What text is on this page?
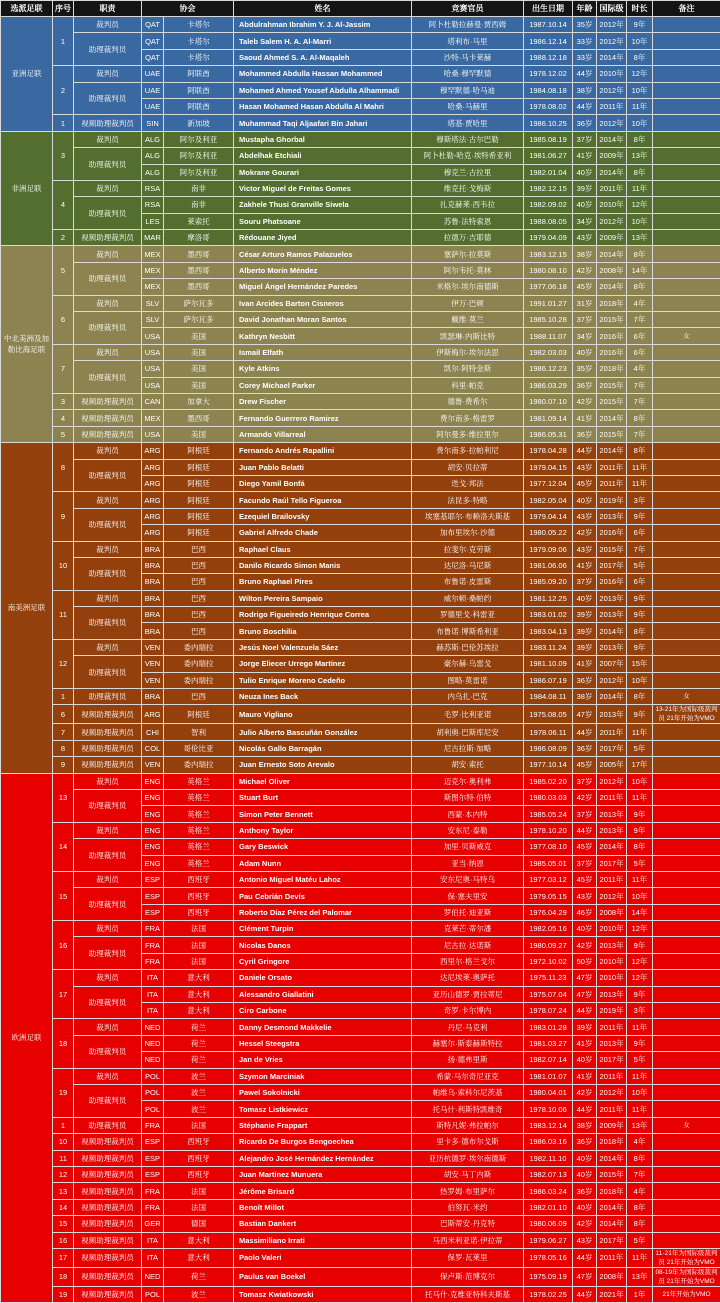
选派足联	序号	职责	协会		姓名	竞赛官员	出生日期	年龄	国际级	时长	备注
亚洲足联	1	裁判员	QAT	卡塔尔	Abdulrahman Ibrahim Y. J. Al-Jassim	阿卜杜勒拉赫曼·贾西姆	1987.10.14	35岁	2012年	9年	
		助理裁判员	QAT	卡塔尔	Taleb Salem H. A. Al-Marri	塔利布·马里	1986.12.14	33岁	2012年	10年	
			QAT	卡塔尔	Saoud Ahmed S. A. Al-Maqaleh	沙特·马卡莱赫	1988.12.18	33岁	2014年	8年	
	2	裁判员	UAE	阿联酋	Mohammed Abdulla Hassan Mohammed	哈桑·穆罕默德	1978.12.02	44岁	2010年	12年	
		助理裁判员	UAE	阿联酋	Mohamed Ahmed Yousef Abdulla Alhammadi	穆罕默德·哈马迪	1984.08.18	38岁	2012年	10年	
			UAE	阿联酋	Hasan Mohamed Hasan Abdulla Al Mahri	哈桑·马赫里	1978.08.02	44岁	2011年	11年	
	1	视频助理裁判员	SIN	新加坡	Muhammad Taqi Aljaafari Bin Jahari	塔基·贾哈里	1986.10.25	36岁	2012年	10年	
非洲足联	3	裁判员	ALG	阿尔及利亚	Mustapha Ghorbal	穆斯塔法·古尔巴勒	1985.08.19	37岁	2014年	8年	
		助理裁判员	ALG	阿尔及利亚	Abdelhak Etchiali	阿卜杜勒-哈克·埃特希亚利	1981.06.27	41岁	2009年	13年	
			ALG	阿尔及利亚	Mokrane Gourari	穆克兰·古拉里	1982.01.04	40岁	2014年	8年	
	4	裁判员	RSA	南非	Victor Miguel de Freitas Gomes	维克托·戈梅斯	1982.12.15	39岁	2011年	11年	
		助理裁判员	RSA	南非	Zakhele Thusi Granville Siwela	扎克赫莱·西韦拉	1982.09.02	40岁	2010年	12年	
			LES	莱索托	Souru Phatsoane	苏鲁·法特索恩	1988.08.05	34岁	2012年	10年	
	2	视频助理裁判员	MAR	摩洛哥	Rédouane Jiyed	拉德万·吉耶德	1979.04.09	43岁	2009年	13年	
中北美洲及加勒比海足联	5	裁判员	MEX	墨西哥	César Arturo Ramos Palazuelos	塞萨尔·拉莫斯	1983.12.15	38岁	2014年	8年	
		助理裁判员	MEX	墨西哥	Alberto Morín Méndez	阿尔韦托·莫林	1980.08.10	42岁	2008年	14年	
			MEX	墨西哥	Miguel Ángel Hernández Paredes	米格尔·埃尔南德斯	1977.06.18	45岁	2014年	8年	
	6	裁判员	SLV	萨尔瓦多	Ivan Arcides Barton Cisneros	伊万·巴顿	1991.01.27	31岁	2018年	4年	
		助理裁判员	SLV	萨尔瓦多	David Jonathan Moran Santos	戴维·莫兰	1985.10.28	37岁	2015年	7年	
			USA	美国	Kathryn Nesbitt	凯瑟琳·内斯比特	1988.11.07	34岁	2016年	6年	女
	7	裁判员	USA	美国	Ismail Elfath	伊斯梅尔·埃尔法思	1982.03.03	40岁	2016年	6年	
		助理裁判员	USA	美国	Kyle Atkins	凯尔·阿特金斯	1986.12.23	35岁	2018年	4年	
			USA	美国	Corey Michael Parker	科里·帕克	1986.03.29	36岁	2015年	7年	
	3	视频助理裁判员	CAN	加拿大	Drew Fischer	德鲁·费希尔	1980.07.10	42岁	2015年	7年	
	4	视频助理裁判员	MEX	墨西哥	Fernando Guerrero Ramirez	费尔南多·格雷罗	1981.09.14	41岁	2014年	8年	
	5	视频助理裁判员	USA	美国	Armando Villarreal	阿尔曼多·维拉里尔	1986.05.31	36岁	2015年	7年	
南美洲足联	8	裁判员	ARG	阿根廷	Fernando Andrés Rapallini	费尔南多·拉帕利尼	1978.04.28	44岁	2014年	8年	
		助理裁判员	ARG	阿根廷	Juan Pablo Belatti	胡安·贝拉蒂	1979.04.15	43岁	2011年	11年	
			ARG	阿根廷	Diego Yamil Bonfá	迭戈·邦法	1977.12.04	45岁	2011年	11年	
	9	裁判员	ARG	阿根廷	Facundo Raúl Tello Figueroa	法昆多·特略	1982.05.04	40岁	2019年	3年	
		助理裁判员	ARG	阿根廷	Ezequiel Brailovsky	埃塞基耶尔·布赖洛夫斯基	1979.04.14	43岁	2013年	9年	
			ARG	阿根廷	Gabriel Alfredo Chade	加布里埃尔·沙德	1980.05.22	42岁	2016年	6年	
	10	裁判员	BRA	巴西	Raphael Claus	拉斐尔·克劳斯	1979.09.06	43岁	2015年	7年	
		助理裁判员	BRA	巴西	Danilo Ricardo Simon Manis	达尼洛·马尼斯	1981.06.06	41岁	2017年	5年	
			BRA	巴西	Bruno Raphael Pires	布鲁诺·皮雷斯	1985.09.20	37岁	2016年	6年	
	11	裁判员	BRA	巴西	Wilton Pereira Sampaio	威尔顿·桑帕约	1981.12.25	40岁	2013年	9年	
		助理裁判员	BRA	巴西	Rodrigo Figueiredo Henrique Correa	罗德里戈·科雷亚	1983.01.02	39岁	2013年	9年	
			BRA	巴西	Bruno Boschilia	布鲁诺·博斯希利亚	1983.04.13	39岁	2014年	8年	
	12	裁判员	VEN	委内瑞拉	Jesús Noel Valenzuela Sáez	赫苏斯·巴伦苏埃拉	1983.11.24	39岁	2013年	9年	
		助理裁判员	VEN	委内瑞拉	Jorge Eliecer Urrego Martínez	豪尔赫·乌雷戈	1981.10.09	41岁	2007年	15年	
			VEN	委内瑞拉	Tulio Enrique Moreno Cedeño	图略·莫雷诺	1986.07.19	36岁	2012年	10年	
	1	助理裁判员	BRA	巴西	Neuza Ines Back	内乌扎·巴克	1984.08.11	38岁	2014年	8年	女
	6	视频助理裁判员	ARG	阿根廷	Mauro Vigliano	毛罗·比利亚诺	1975.08.05	47岁	2013年	9年	13-21年为国际级裁判员 21年开始为VMO
	7	视频助理裁判员	CHI	智利	Julio Alberto Bascuñán González	胡利奥·巴斯库尼安	1978.06.11	44岁	2011年	11年	
	8	视频助理裁判员	COL	哥伦比亚	Nicolás Gallo Barragán	尼古拉斯·加略	1986.08.09	36岁	2017年	5年	
	9	视频助理裁判员	VEN	委内瑞拉	Juan Ernesto Soto Arevalo	胡安·索托	1977.10.14	45岁	2005年	17年	
欧洲足联	13	裁判员	ENG	英格兰	Michael Oliver	迈克尔·奥利弗	1985.02.20	37岁	2012年	10年	
		助理裁判员	ENG	英格兰	Stuart Burt	斯图尔特·伯特	1980.03.03	42岁	2011年	11年	
			ENG	英格兰	Simon Peter Bennett	西蒙·本内特	1985.05.24	37岁	2013年	9年	
	14	裁判员	ENG	英格兰	Anthony Taylor	安东尼·泰勒	1978.10.20	44岁	2013年	9年	
		助理裁判员	ENG	英格兰	Gary Beswick	加里·贝斯威克	1977.08.10	45岁	2014年	8年	
			ENG	英格兰	Adam Nunn	亚当·纳恩	1985.05.01	37岁	2017年	5年	
	15	裁判员	ESP	西班牙	Antonio Miguel Matéu Lahoz	安东尼奥·马特乌	1977.03.12	45岁	2011年	11年	
		助理裁判员	ESP	西班牙	Pau Cebrián Devís	保·塞夫里安	1979.05.15	43岁	2012年	10年	
			ESP	西班牙	Roberto Díaz Pérez del Palomar	罗伯托·迪亚斯	1976.04.29	46岁	2008年	14年	
	16	裁判员	FRA	法国	Clément Turpin	克莱芒·蒂尔潘	1982.05.16	40岁	2010年	12年	
		助理裁判员	FRA	法国	Nicolas Danos	尼古拉·达诺斯	1980.09.27	42岁	2013年	9年	
			FRA	法国	Cyril Gringore	西里尔·格兰戈尔	1972.10.02	50岁	2010年	12年	
	17	裁判员	ITA	意大利	Daniele Orsato	达尼埃莱·奥萨托	1975.11.23	47岁	2010年	12年	
		助理裁判员	ITA	意大利	Alessandro Giallatini	亚历山德罗·贾拉蒂尼	1975.07.04	47岁	2013年	9年	
			ITA	意大利	Ciro Carbone	奇罗·卡尔博内	1978.07.24	44岁	2019年	3年	
	18	裁判员	NED	荷兰	Danny Desmond Makkelie	丹尼·马克利	1983.01.28	39岁	2011年	11年	
		助理裁判员	NED	荷兰	Hessel Steegstra	赫塞尔·斯泰赫斯特拉	1981.03.27	41岁	2013年	9年	
			NED	荷兰	Jan de Vries	扬·德弗里斯	1982.07.14	40岁	2017年	5年	
	19	裁判员	POL	波兰	Szymon Marciniak	希蒙·马尔奇尼亚克	1981.01.07	41岁	2011年	11年	
		助理裁判员	POL	波兰	Pawel Sokolnicki	帕维乌·索科尔尼茨基	1980.04.01	42岁	2012年	10年	
			POL	波兰	Tomasz Listkiewicz	托马什·利斯特凯维奇	1978.10.06	44岁	2011年	11年	
	1	助理裁判员	FRA	法国	Stéphanie Frappart	斯特凡妮·弗拉帕尔	1983.12.14	38岁	2009年	13年	女
	10	视频助理裁判员	ESP	西班牙	Ricardo De Burgos Bengoechea	里卡多·德布尔戈斯	1986.03.16	36岁	2018年	4年	
	11	视频助理裁判员	ESP	西班牙	Alejandro José Hernández Hernández	亚历杭德罗·埃尔南德斯	1982.11.10	40岁	2014年	8年	
	12	视频助理裁判员	ESP	西班牙	Juan Martínez Munuera	胡安·马丁内斯	1982.07.13	40岁	2015年	7年	
	13	视频助理裁判员	FRA	法国	Jérôme Brisard	热罗姆·布里萨尔	1986.03.24	36岁	2018年	4年	
	14	视频助理裁判员	FRA	法国	Benoît Millot	伯努瓦·米约	1982.01.10	40岁	2014年	8年	
	15	视频助理裁判员	GER	德国	Bastian Dankert	巴斯蒂安·丹克特	1980.06.09	42岁	2014年	8年	
	16	视频助理裁判员	ITA	意大利	Massimiliano Irrati	马西米利亚诺·伊拉蒂	1979.06.27	43岁	2017年	5年	
	17	视频助理裁判员	ITA	意大利	Paolo Valeri	保罗·瓦莱里	1978.05.16	44岁	2011年	11年	11-21年为国际级裁判员 21年开始为VMO
	18	视频助理裁判员	NED	荷兰	Paulus van Boekel	保卢斯·范博克尔	1975.09.19	47岁	2008年	13年	08-19年为国际级裁判员 21年开始为VMO
	19	视频助理裁判员	POL	波兰	Tomasz Kwiatkowski	托马什·克维亚特科夫斯基	1978.02.25	44岁	2021年	1年	21年开始为VMO
